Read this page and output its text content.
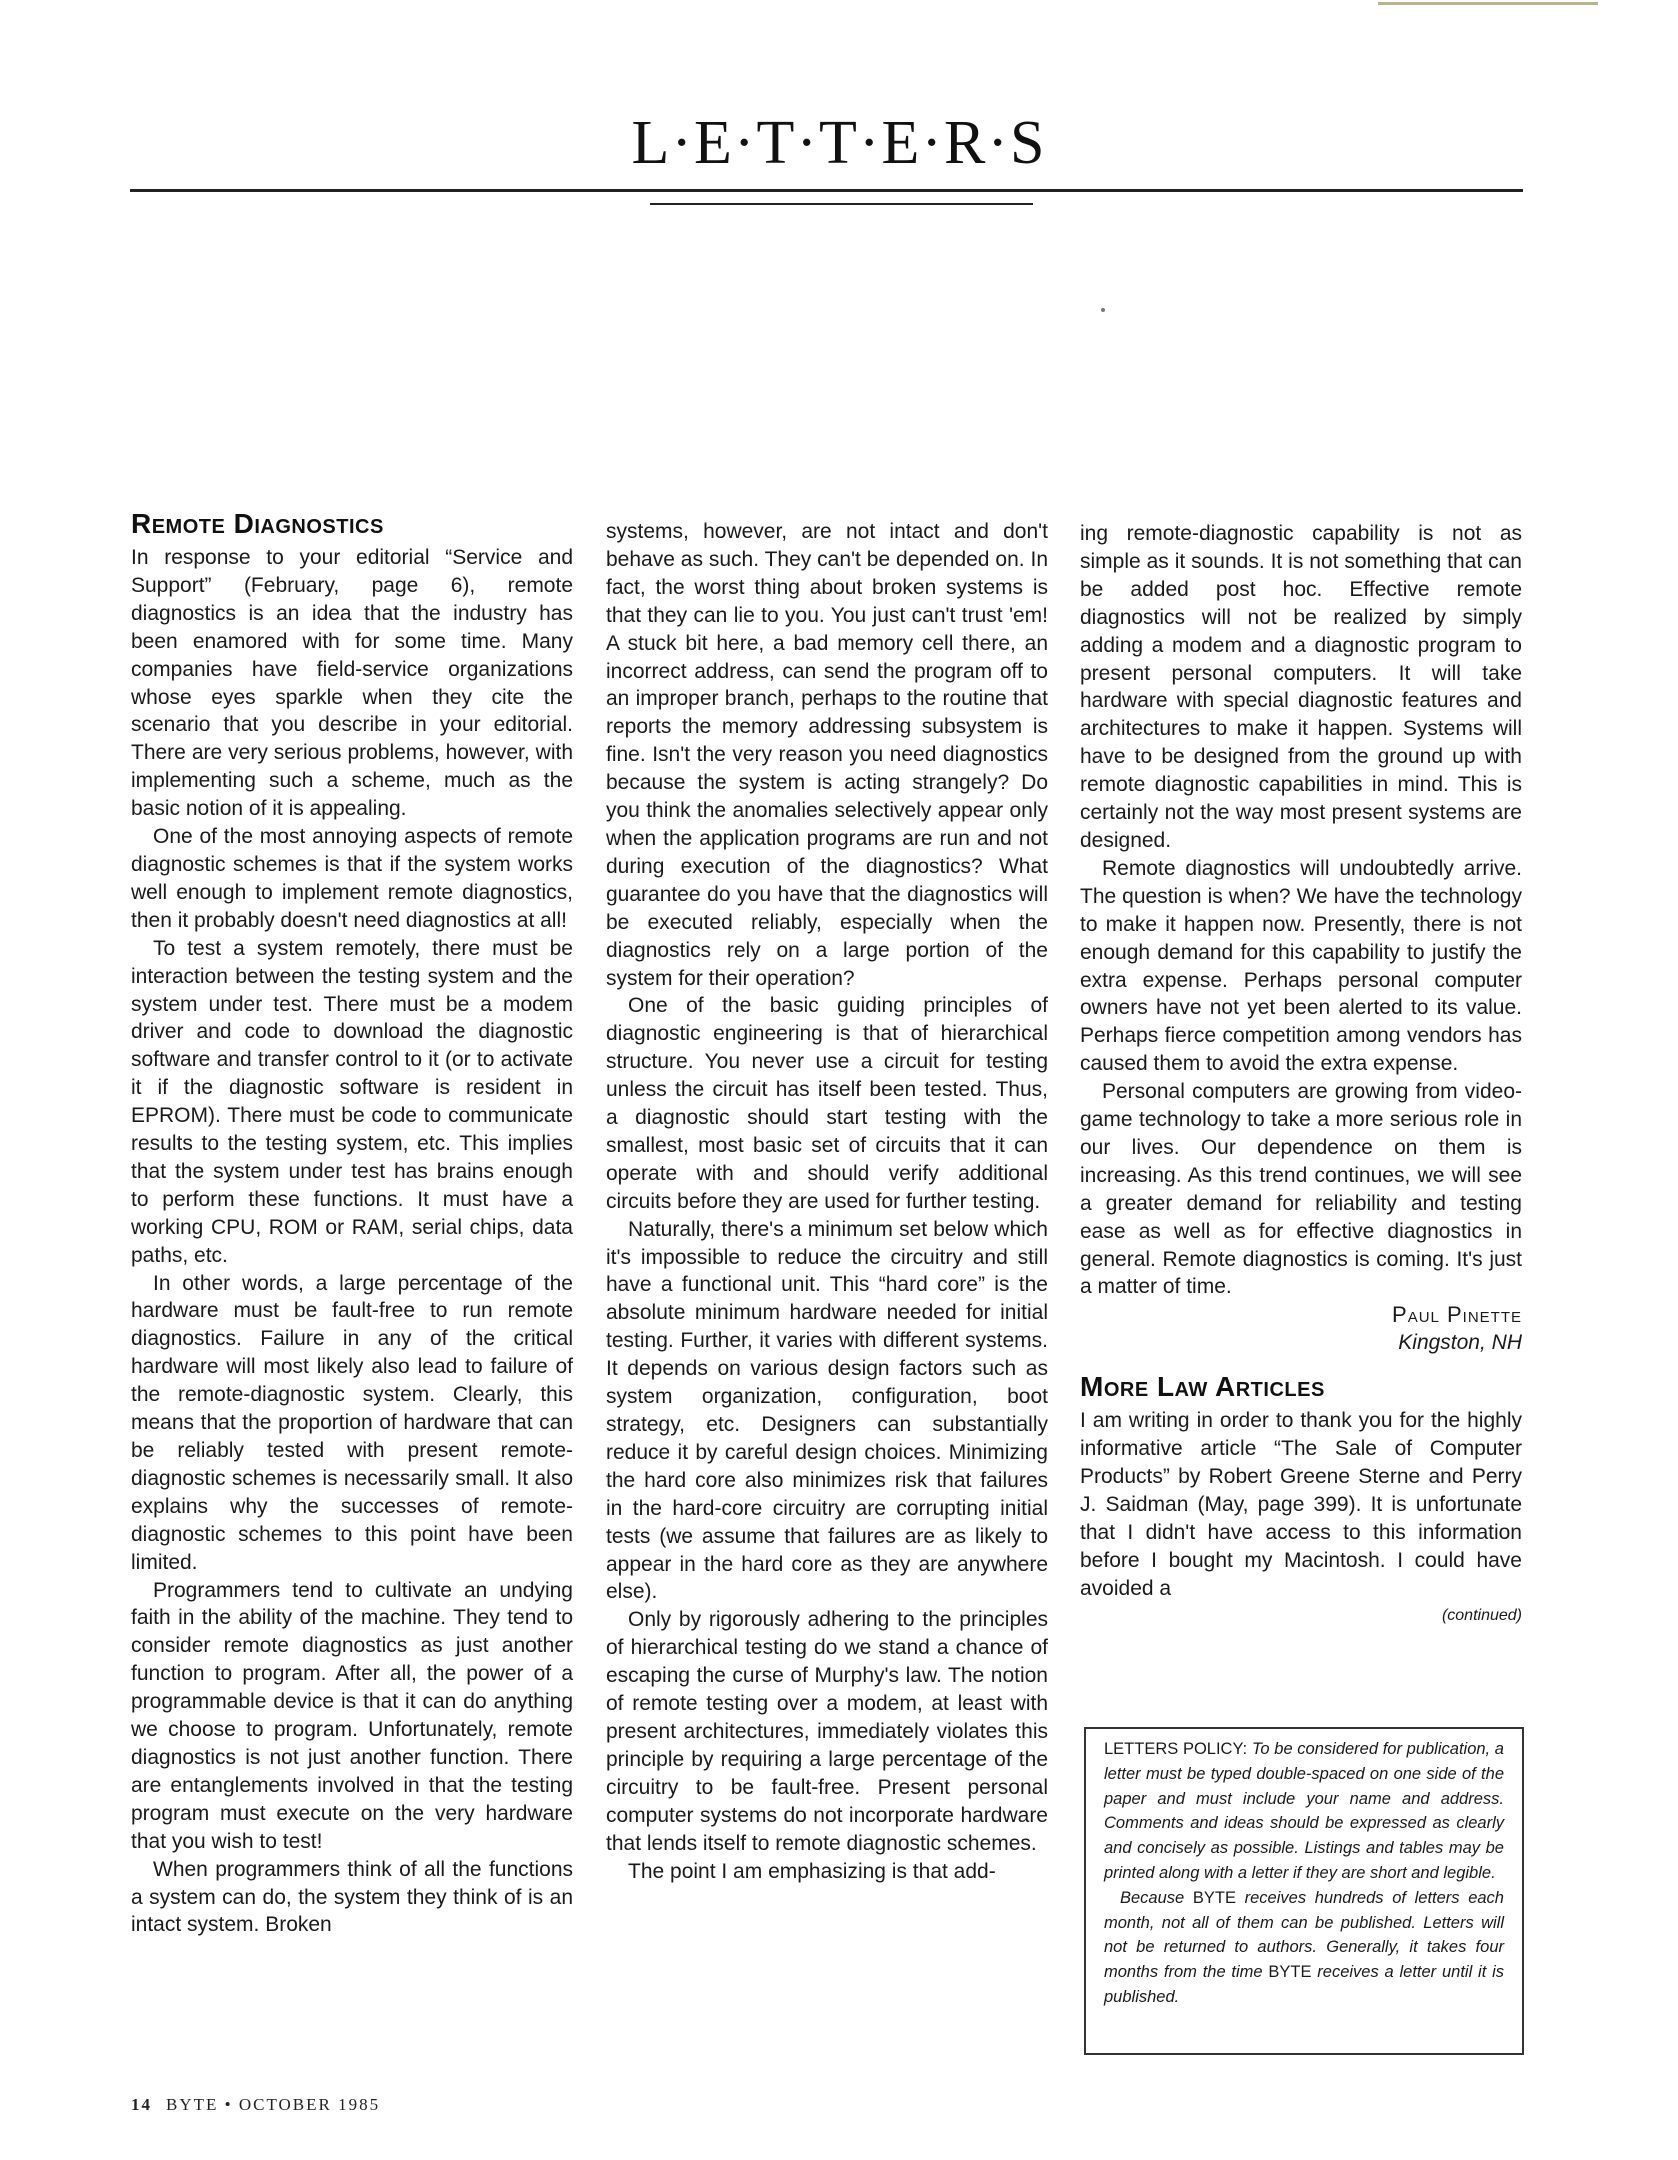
L·E·T·T·E·R·S
Remote Diagnostics

In response to your editorial “Service and Support” (February, page 6), remote diagnostics is an idea that the industry has been enamored with for some time. Many companies have field-service organizations whose eyes sparkle when they cite the scenario that you describe in your editorial. There are very serious problems, however, with implementing such a scheme, much as the basic notion of it is appealing.

One of the most annoying aspects of remote diagnostic schemes is that if the system works well enough to implement remote diagnostics, then it probably doesn't need diagnostics at all!

To test a system remotely, there must be interaction between the testing system and the system under test. There must be a modem driver and code to download the diagnostic software and transfer control to it (or to activate it if the diagnostic software is resident in EPROM). There must be code to communicate results to the testing system, etc. This implies that the system under test has brains enough to perform these functions. It must have a working CPU, ROM or RAM, serial chips, data paths, etc.

In other words, a large percentage of the hardware must be fault-free to run remote diagnostics. Failure in any of the critical hardware will most likely also lead to failure of the remote-diagnostic system. Clearly, this means that the proportion of hardware that can be reliably tested with present remote-diagnostic schemes is necessarily small. It also explains why the successes of remote-diagnostic schemes to this point have been limited.

Programmers tend to cultivate an undying faith in the ability of the machine. They tend to consider remote diagnostics as just another function to program. After all, the power of a programmable device is that it can do anything we choose to program. Unfortunately, remote diagnostics is not just another function. There are entanglements involved in that the testing program must execute on the very hardware that you wish to test!

When programmers think of all the functions a system can do, the system they think of is an intact system. Broken

systems, however, are not intact and don't behave as such. They can't be depended on. In fact, the worst thing about broken systems is that they can lie to you. You just can't trust 'em! A stuck bit here, a bad memory cell there, an incorrect address, can send the program off to an improper branch, perhaps to the routine that reports the memory addressing subsystem is fine. Isn't the very reason you need diagnostics because the system is acting strangely? Do you think the anomalies selectively appear only when the application programs are run and not during execution of the diagnostics? What guarantee do you have that the diagnostics will be executed reliably, especially when the diagnostics rely on a large portion of the system for their operation?

One of the basic guiding principles of diagnostic engineering is that of hierarchical structure. You never use a circuit for testing unless the circuit has itself been tested. Thus, a diagnostic should start testing with the smallest, most basic set of circuits that it can operate with and should verify additional circuits before they are used for further testing.

Naturally, there's a minimum set below which it's impossible to reduce the circuitry and still have a functional unit. This “hard core” is the absolute minimum hardware needed for initial testing. Further, it varies with different systems. It depends on various design factors such as system organization, configuration, boot strategy, etc. Designers can substantially reduce it by careful design choices. Minimizing the hard core also minimizes risk that failures in the hard-core circuitry are corrupting initial tests (we assume that failures are as likely to appear in the hard core as they are anywhere else).

Only by rigorously adhering to the principles of hierarchical testing do we stand a chance of escaping the curse of Murphy's law. The notion of remote testing over a modem, at least with present architectures, immediately violates this principle by requiring a large percentage of the circuitry to be fault-free. Present personal computer systems do not incorporate hardware that lends itself to remote diagnostic schemes.

The point I am emphasizing is that add-

ing remote-diagnostic capability is not as simple as it sounds. It is not something that can be added post hoc. Effective remote diagnostics will not be realized by simply adding a modem and a diagnostic program to present personal computers. It will take hardware with special diagnostic features and architectures to make it happen. Systems will have to be designed from the ground up with remote diagnostic capabilities in mind. This is certainly not the way most present systems are designed.

Remote diagnostics will undoubtedly arrive. The question is when? We have the technology to make it happen now. Presently, there is not enough demand for this capability to justify the extra expense. Perhaps personal computer owners have not yet been alerted to its value. Perhaps fierce competition among vendors has caused them to avoid the extra expense.

Personal computers are growing from video-game technology to take a more serious role in our lives. Our dependence on them is increasing. As this trend continues, we will see a greater demand for reliability and testing ease as well as for effective diagnostics in general. Remote diagnostics is coming. It's just a matter of time.

Paul Pinette
Kingston, NH
More Law Articles

I am writing in order to thank you for the highly informative article “The Sale of Computer Products” by Robert Greene Sterne and Perry J. Saidman (May, page 399). It is unfortunate that I didn't have access to this information before I bought my Macintosh. I could have avoided a

(continued)

LETTERS POLICY: To be considered for publication, a letter must be typed double-spaced on one side of the paper and must include your name and address. Comments and ideas should be expressed as clearly and concisely as possible. Listings and tables may be printed along with a letter if they are short and legible.

Because BYTE receives hundreds of letters each month, not all of them can be published. Letters will not be returned to authors. Generally, it takes four months from the time BYTE receives a letter until it is published.

14 BYTE • OCTOBER 1985
